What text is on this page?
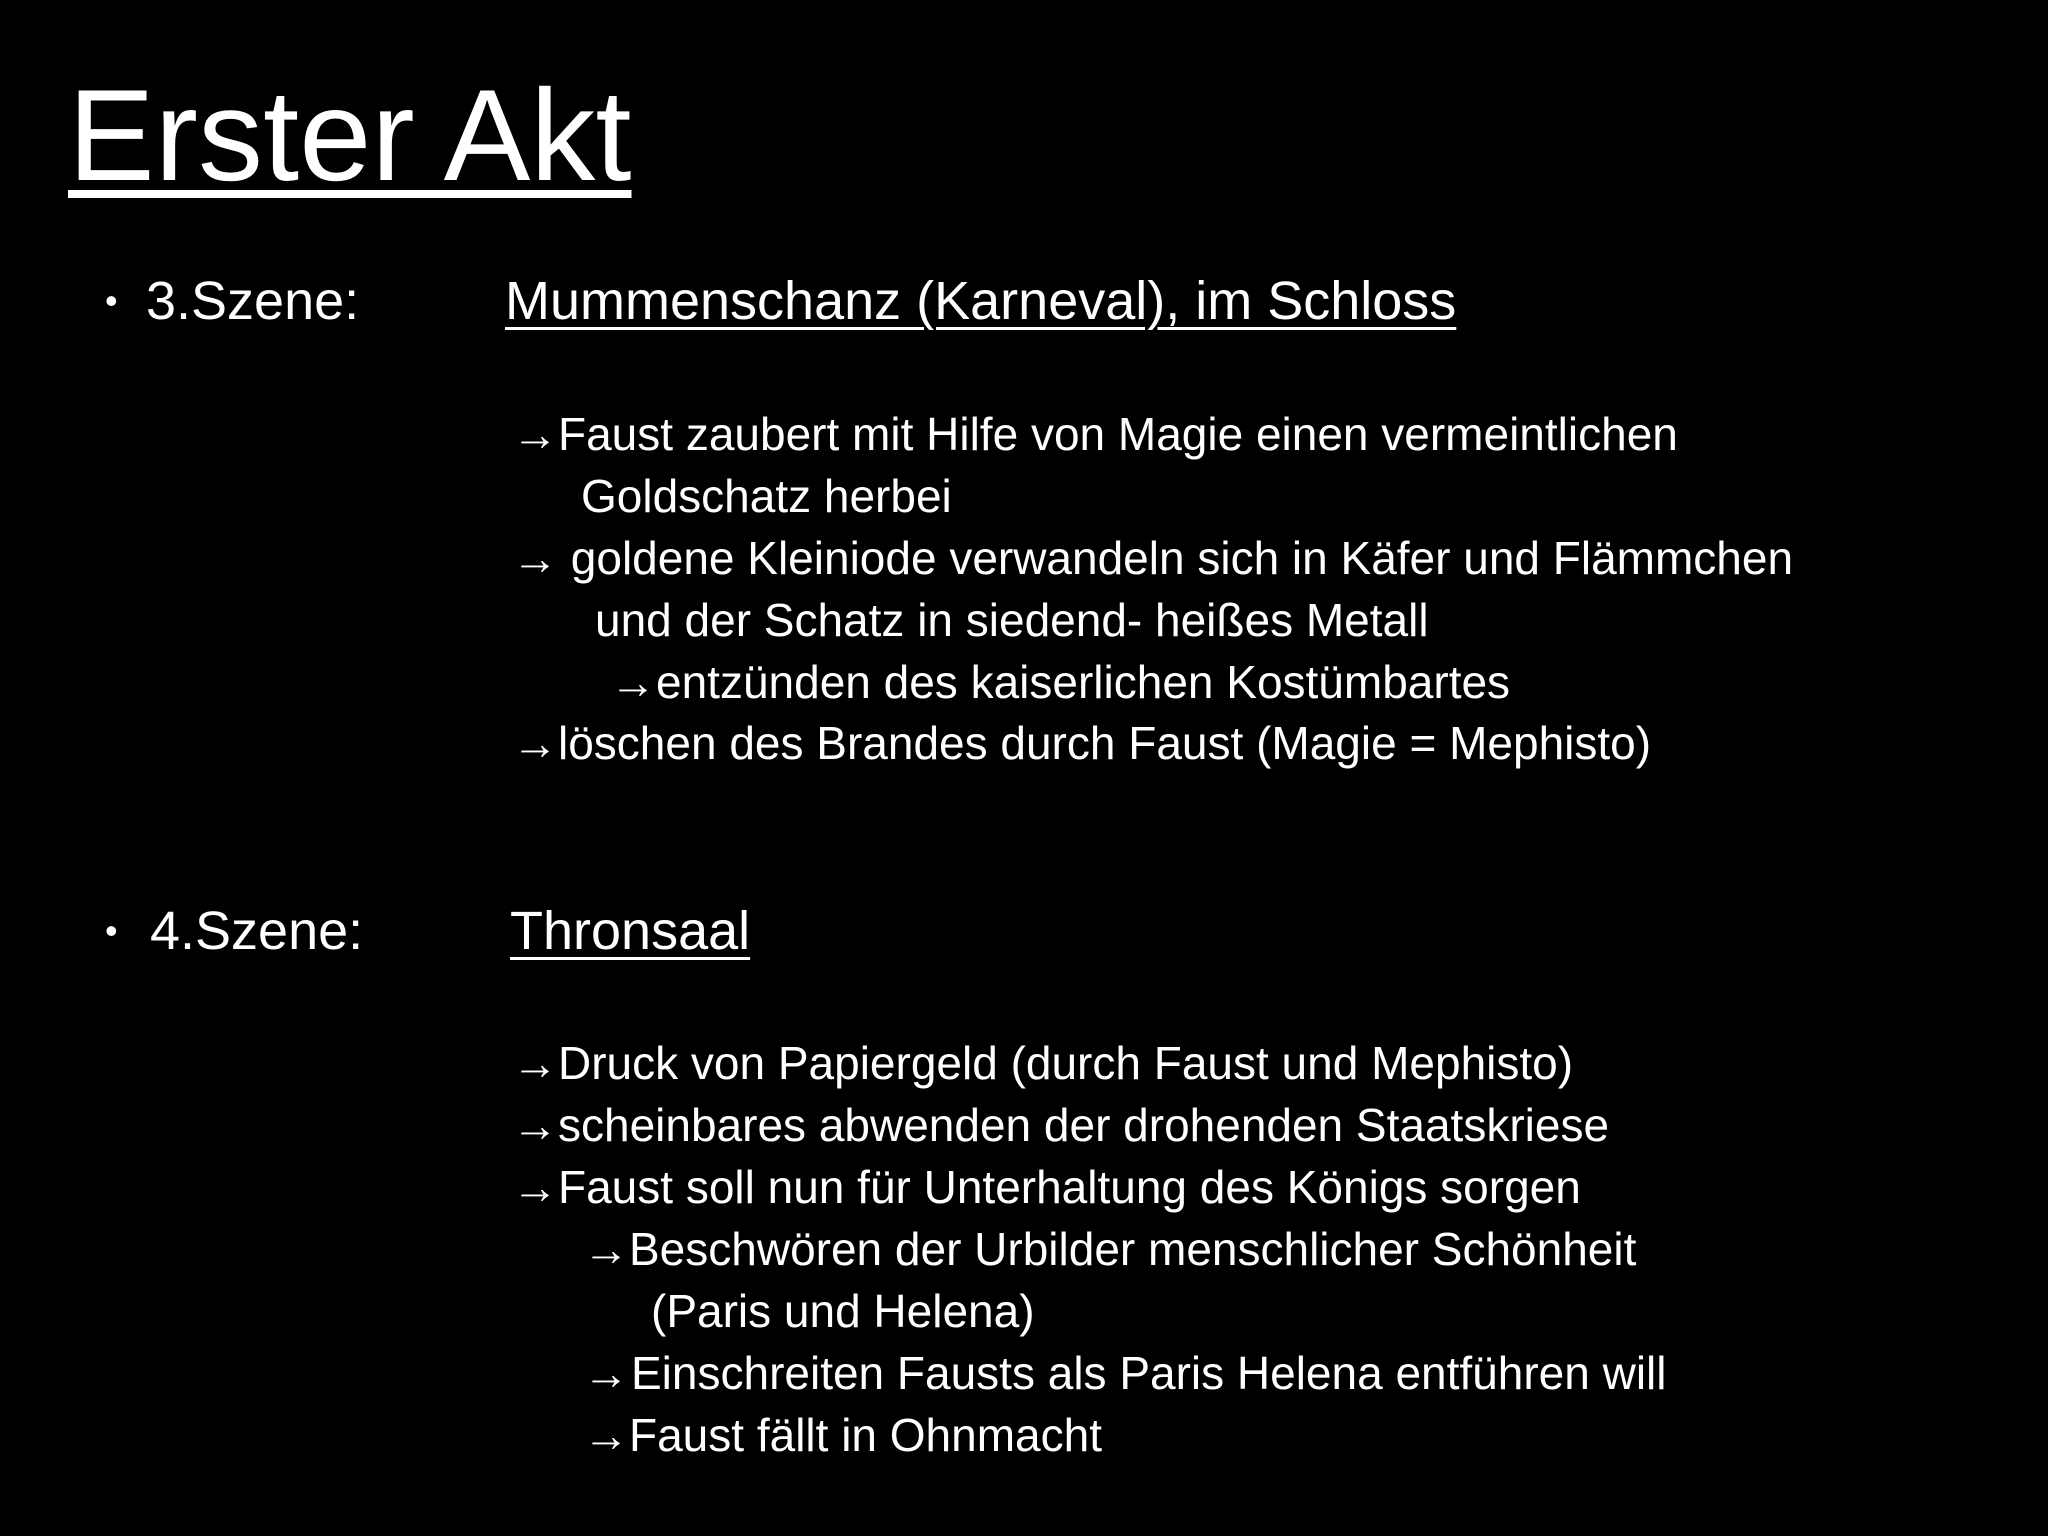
Erster Akt
• 3.Szene:	Mummenschanz (Karneval), im Schloss
→Faust zaubert mit Hilfe von Magie einen vermeintlichen
Goldschatz herbei
→ goldene Kleiniode verwandeln sich in Käfer und Flämmchen
und der Schatz in siedend- heißes Metall
→entzünden des kaiserlichen Kostümbartes
→löschen des Brandes durch Faust (Magie = Mephisto)
• 4.Szene:	Thronsaal
→Druck von Papiergeld (durch Faust und Mephisto)
→scheinbares abwenden der drohenden Staatskriese
→Faust soll nun für Unterhaltung des Königs sorgen
→Beschwören der Urbilder menschlicher Schönheit
(Paris und Helena)
→Einschreiten Fausts als Paris Helena entführen will
→Faust fällt in Ohnmacht
